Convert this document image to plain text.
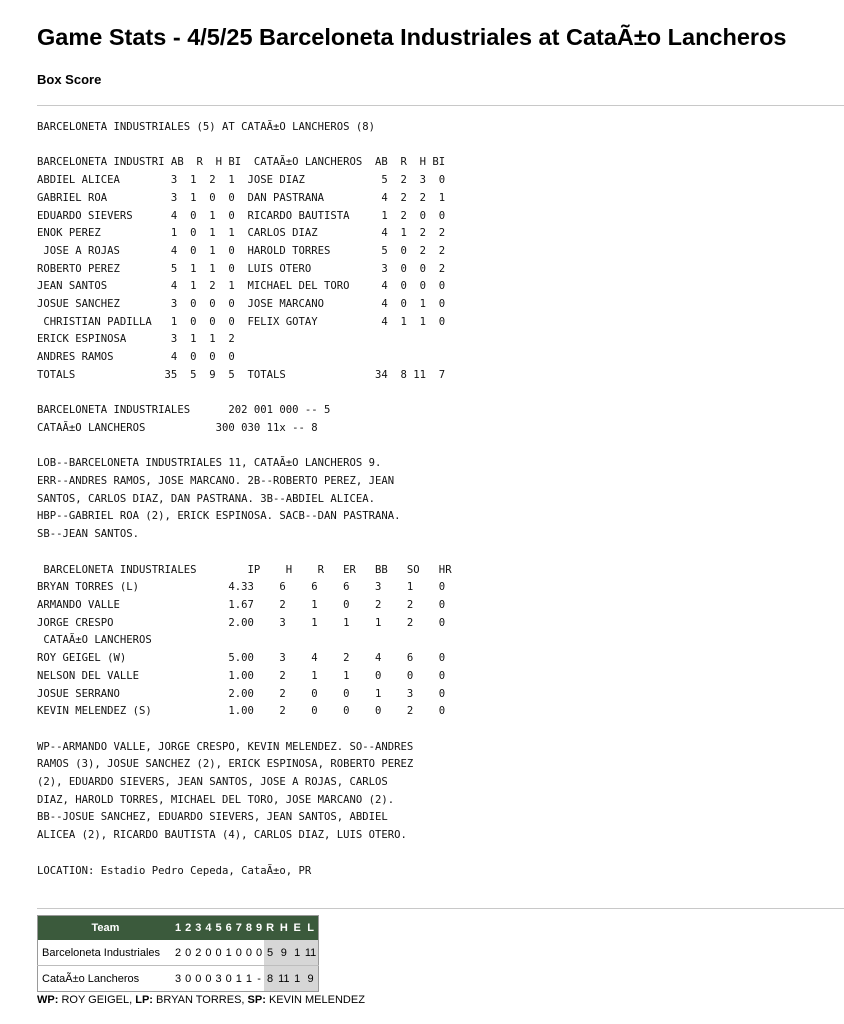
Game Stats - 4/5/25 Barceloneta Industriales at CataÃ±o Lancheros
Box Score
BARCELONETA INDUSTRIALES (5) AT CATAÃ±O LANCHEROS (8)

BARCELONETA INDUSTRI AB  R  H BI  CATAÃ±O LANCHEROS  AB  R  H BI
ABDIEL ALICEA        3  1  2  1  JOSE DIAZ            5  2  3  0
GABRIEL ROA          3  1  0  0  DAN PASTRANA         4  2  2  1
EDUARDO SIEVERS      4  0  1  0  RICARDO BAUTISTA     1  2  0  0
ENOK PEREZ           1  0  1  1  CARLOS DIAZ          4  1  2  2
JOSE A ROJAS        4  0  1  0  HAROLD TORRES        5  0  2  2
ROBERTO PEREZ        5  1  1  0  LUIS OTERO           3  0  0  2
JEAN SANTOS          4  1  2  1  MICHAEL DEL TORO     4  0  0  0
JOSUE SANCHEZ        3  0  0  0  JOSE MARCANO         4  0  1  0
CHRISTIAN PADILLA   1  0  0  0  FELIX GOTAY          4  1  1  0
ERICK ESPINOSA       3  1  1  2
ANDRES RAMOS         4  0  0  0
TOTALS              35  5  9  5  TOTALS              34  8 11  7

BARCELONETA INDUSTRIALES      202 001 000 -- 5
CATAÃ±O LANCHEROS           300 030 11x -- 8

LOB--BARCELONETA INDUSTRIALES 11, CATAÃ±O LANCHEROS 9.
ERR--ANDRES RAMOS, JOSE MARCANO. 2B--ROBERTO PEREZ, JEAN
SANTOS, CARLOS DIAZ, DAN PASTRANA. 3B--ABDIEL ALICEA.
HBP--GABRIEL ROA (2), ERICK ESPINOSA. SACB--DAN PASTRANA.
SB--JEAN SANTOS.

BARCELONETA INDUSTRIALES        IP    H    R   ER   BB   SO   HR
BRYAN TORRES (L)              4.33    6    6    6    3    1    0
ARMANDO VALLE                 1.67    2    1    0    2    2    0
JORGE CRESPO                  2.00    3    1    1    1    2    0
CATAÃ±O LANCHEROS
ROY GEIGEL (W)                5.00    3    4    2    4    6    0
NELSON DEL VALLE              1.00    2    1    1    0    0    0
JOSUE SERRANO                 2.00    2    0    0    1    3    0
KEVIN MELENDEZ (S)            1.00    2    0    0    0    2    0

WP--ARMANDO VALLE, JORGE CRESPO, KEVIN MELENDEZ. SO--ANDRES
RAMOS (3), JOSUE SANCHEZ (2), ERICK ESPINOSA, ROBERTO PEREZ
(2), EDUARDO SIEVERS, JEAN SANTOS, JOSE A ROJAS, CARLOS
DIAZ, HAROLD TORRES, MICHAEL DEL TORO, JOSE MARCANO (2).
BB--JOSUE SANCHEZ, EDUARDO SIEVERS, JEAN SANTOS, ABDIEL
ALICEA (2), RICARDO BAUTISTA (4), CARLOS DIAZ, LUIS OTERO.

LOCATION: Estadio Pedro Cepeda, CataÃ±o, PR
Team	1	2	3	4	5	6	7	8	9	R	H	E	L
Barceloneta Industriales	2	0	2	0	0	1	0	0	0	5	9	1	11
CataÃ±o Lancheros	3	0	0	0	3	0	1	1	-	8	11	1	9

WP: ROY GEIGEL, LP: BRYAN TORRES, SP: KEVIN MELENDEZ
